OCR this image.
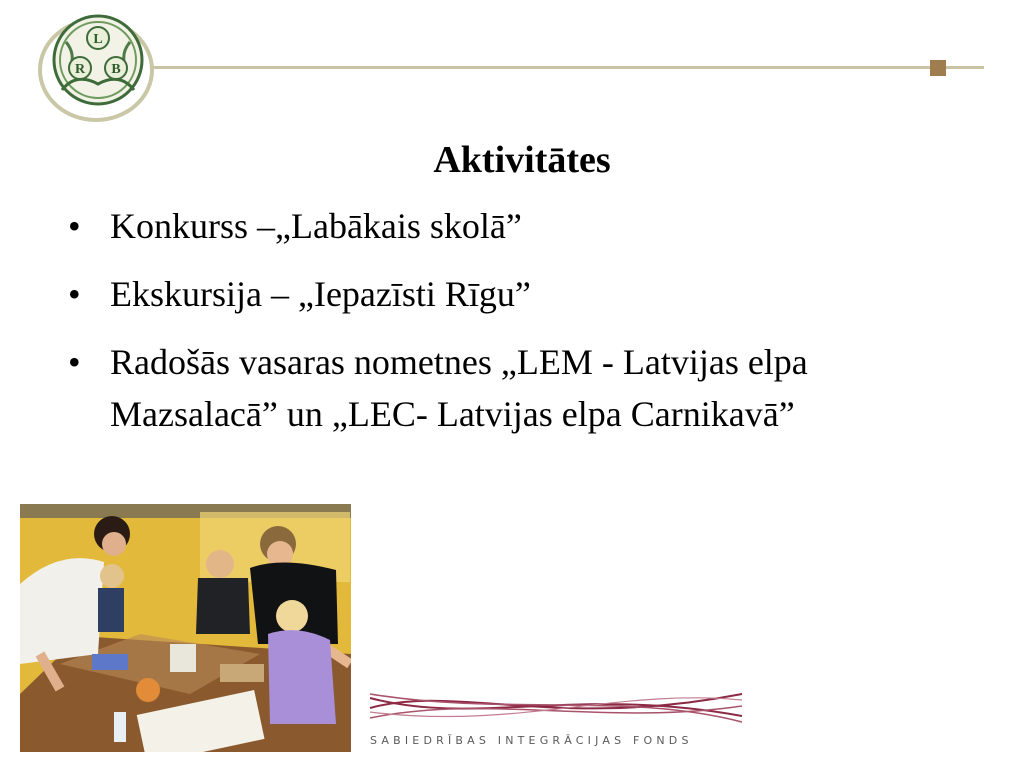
L
R B
Aktivitātes
• Konkurss –„Labākais skolā”
• Ekskursija – „Iepazīsti Rīgu”
• Radošās vasaras nometnes „LEM - Latvijas elpa Mazsalacā” un „LEC- Latvijas elpa Carnikavā”
SABIEDRĪBAS INTEGRĀCIJAS FONDS
